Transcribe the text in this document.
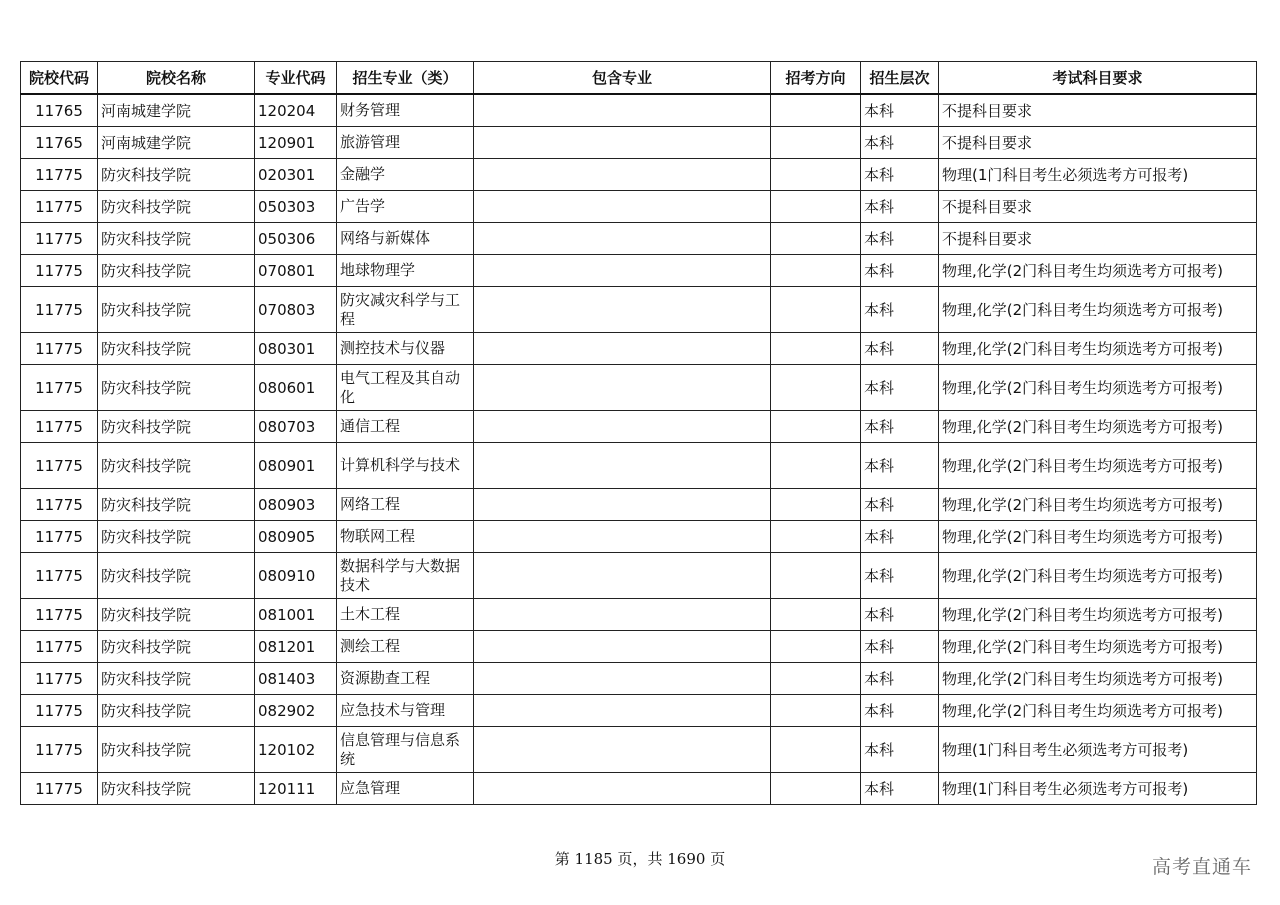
院校代码	院校名称	专业代码	招生专业（类）	包含专业	招考方向	招生层次	考试科目要求
11765	河南城建学院	120204	财务管理			本科	不提科目要求
11765	河南城建学院	120901	旅游管理			本科	不提科目要求
11775	防灾科技学院	020301	金融学			本科	物理(1门科目考生必须选考方可报考)
11775	防灾科技学院	050303	广告学			本科	不提科目要求
11775	防灾科技学院	050306	网络与新媒体			本科	不提科目要求
11775	防灾科技学院	070801	地球物理学			本科	物理,化学(2门科目考生均须选考方可报考)
11775	防灾科技学院	070803	防灾减灾科学与工程			本科	物理,化学(2门科目考生均须选考方可报考)
11775	防灾科技学院	080301	测控技术与仪器			本科	物理,化学(2门科目考生均须选考方可报考)
11775	防灾科技学院	080601	电气工程及其自动化			本科	物理,化学(2门科目考生均须选考方可报考)
11775	防灾科技学院	080703	通信工程			本科	物理,化学(2门科目考生均须选考方可报考)
11775	防灾科技学院	080901	计算机科学与技术			本科	物理,化学(2门科目考生均须选考方可报考)
11775	防灾科技学院	080903	网络工程			本科	物理,化学(2门科目考生均须选考方可报考)
11775	防灾科技学院	080905	物联网工程			本科	物理,化学(2门科目考生均须选考方可报考)
11775	防灾科技学院	080910	数据科学与大数据技术			本科	物理,化学(2门科目考生均须选考方可报考)
11775	防灾科技学院	081001	土木工程			本科	物理,化学(2门科目考生均须选考方可报考)
11775	防灾科技学院	081201	测绘工程			本科	物理,化学(2门科目考生均须选考方可报考)
11775	防灾科技学院	081403	资源勘查工程			本科	物理,化学(2门科目考生均须选考方可报考)
11775	防灾科技学院	082902	应急技术与管理			本科	物理,化学(2门科目考生均须选考方可报考)
11775	防灾科技学院	120102	信息管理与信息系统			本科	物理(1门科目考生必须选考方可报考)
11775	防灾科技学院	120111	应急管理			本科	物理(1门科目考生必须选考方可报考)
第 1185 页，共 1690 页	高考直通车
